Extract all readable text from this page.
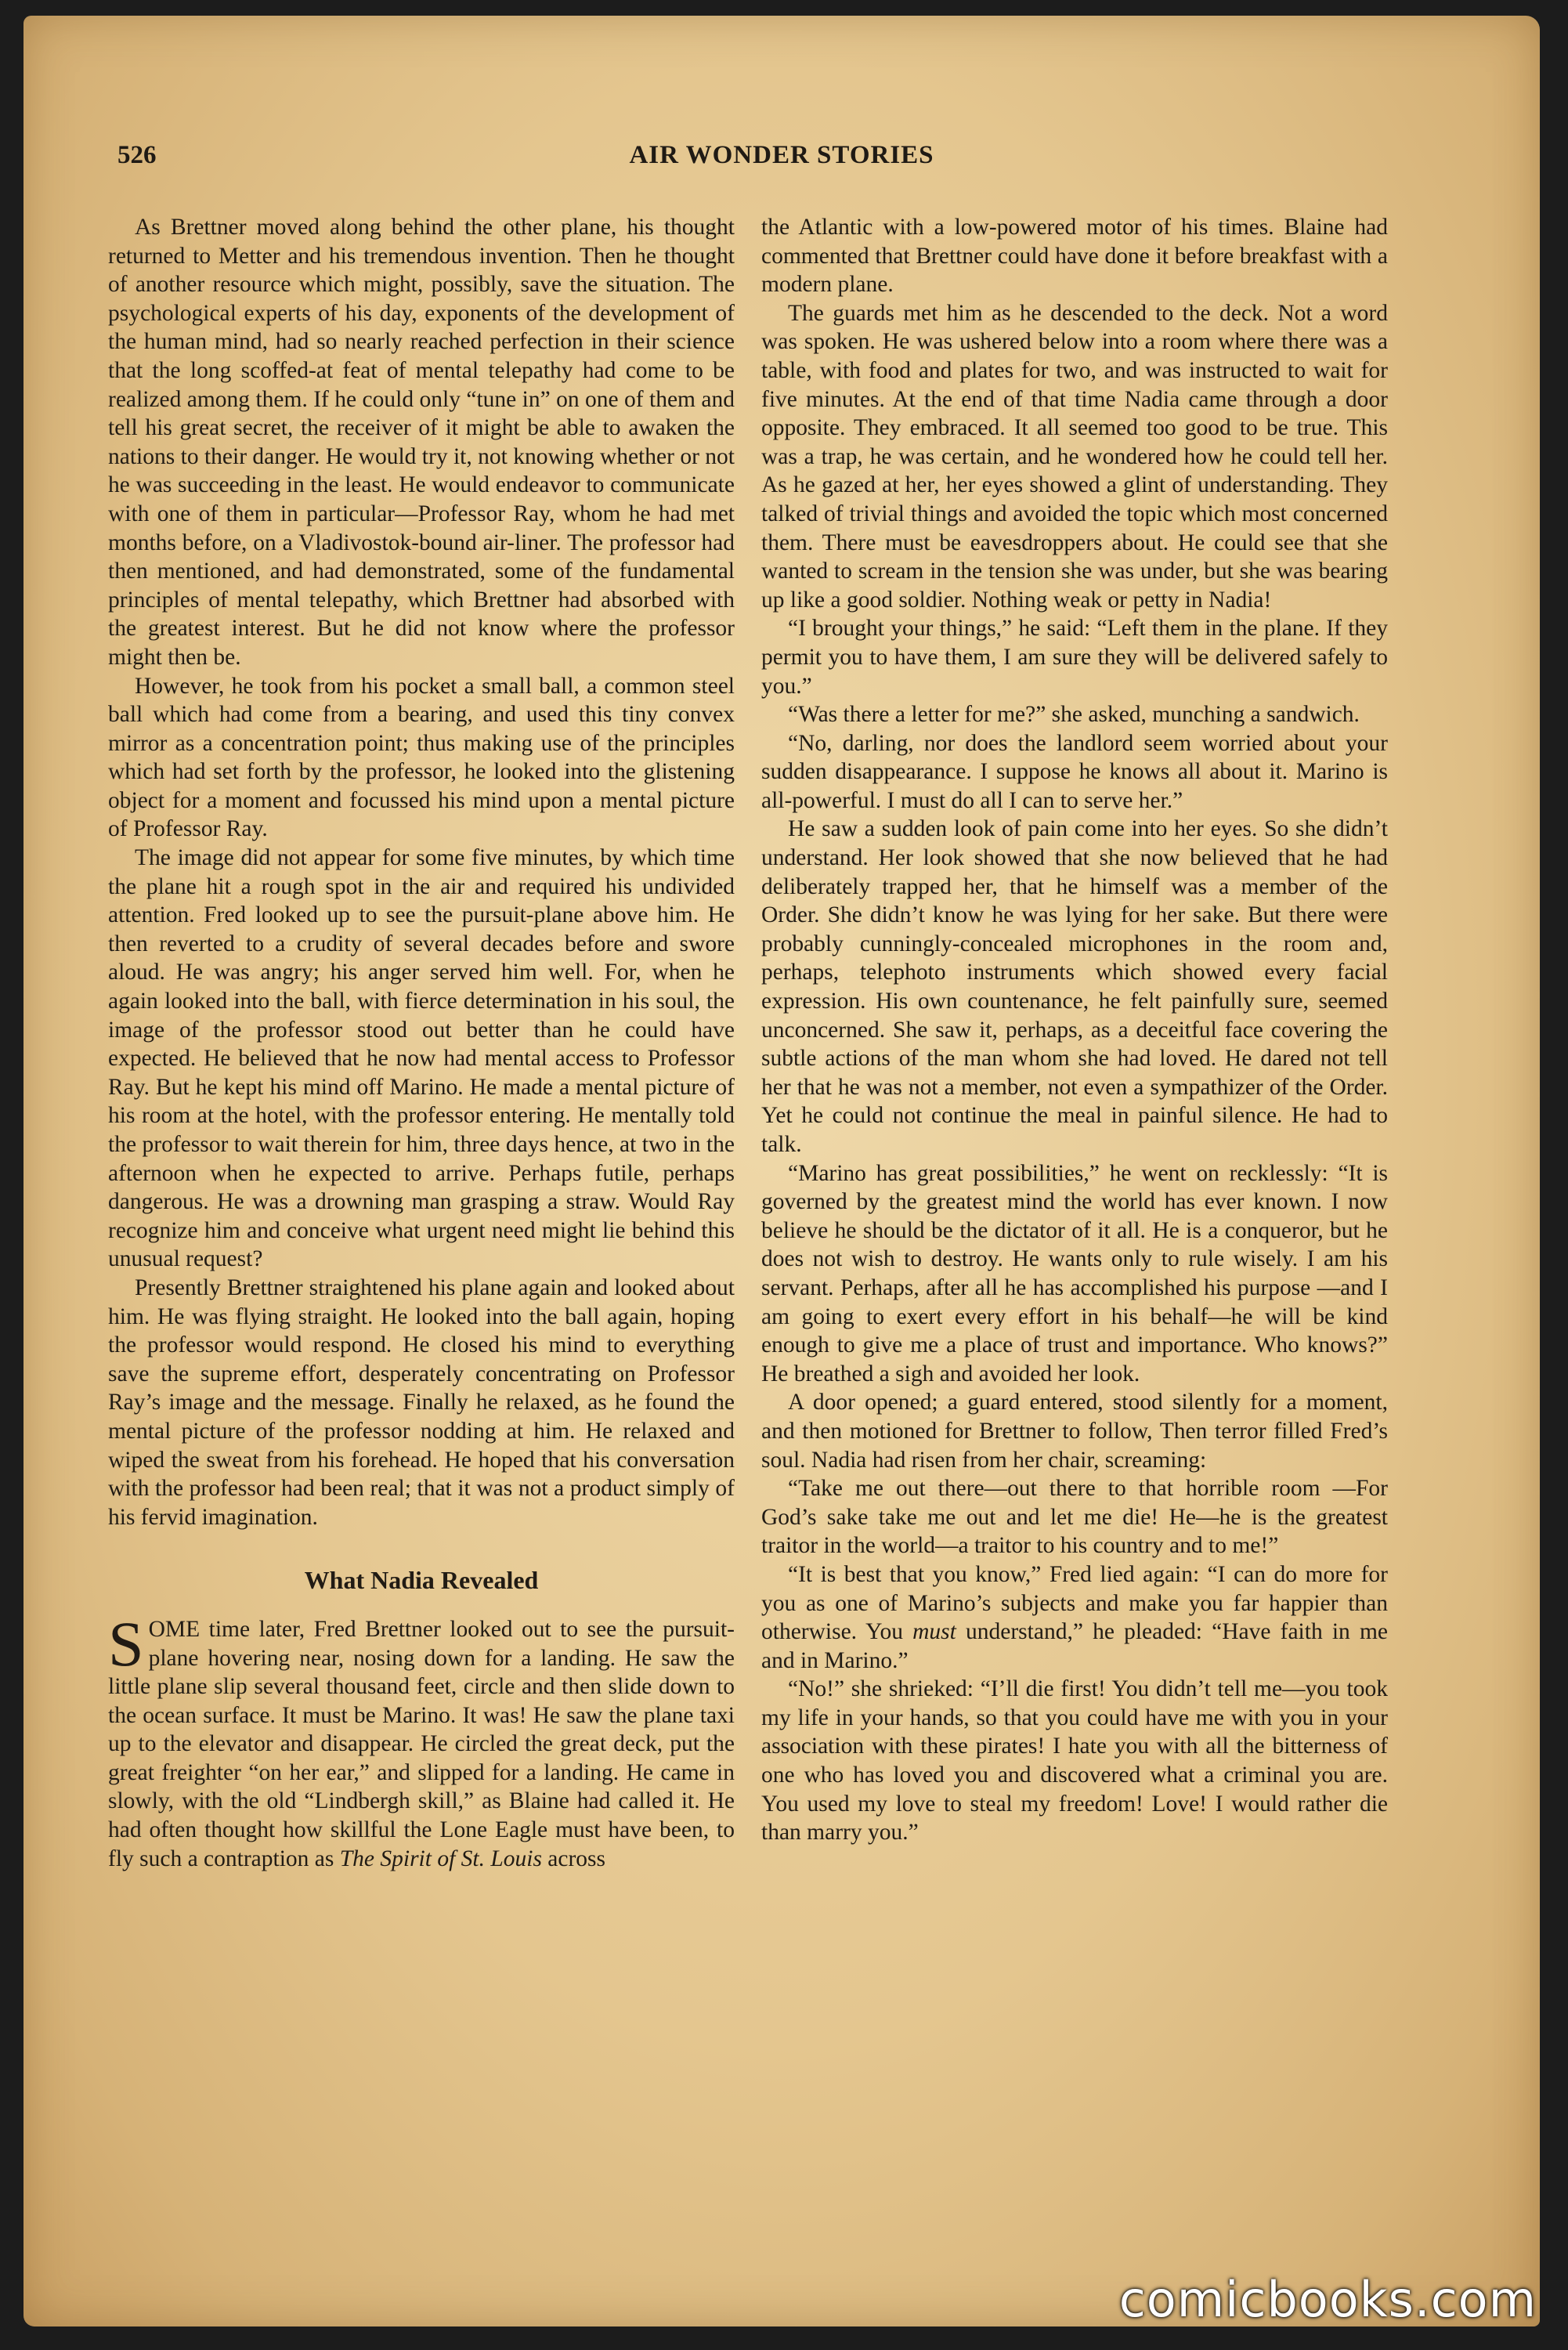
526	AIR WONDER STORIES

As Brettner moved along behind the other plane, his thought returned to Metter and his tremendous invention. Then he thought of another resource which might, possibly, save the situation. The psychological experts of his day, exponents of the development of the human mind, had so nearly reached perfection in their science that the long scoffed-at feat of mental telepathy had come to be realized among them. If he could only “tune in” on one of them and tell his great secret, the receiver of it might be able to awaken the nations to their danger. He would try it, not knowing whether or not he was succeeding in the least. He would endeavor to communicate with one of them in particular—Professor Ray, whom he had met months before, on a Vladivostok-bound air-liner. The professor had then mentioned, and had demonstrated, some of the fundamental principles of mental telepathy, which Brettner had absorbed with the greatest interest. But he did not know where the professor might then be.

However, he took from his pocket a small ball, a common steel ball which had come from a bearing, and used this tiny convex mirror as a concentration point; thus making use of the principles which had set forth by the professor, he looked into the glistening object for a moment and focussed his mind upon a mental picture of Professor Ray.

The image did not appear for some five minutes, by which time the plane hit a rough spot in the air and required his undivided attention. Fred looked up to see the pursuit-plane above him. He then reverted to a crudity of several decades before and swore aloud. He was angry; his anger served him well. For, when he again looked into the ball, with fierce determination in his soul, the image of the professor stood out better than he could have expected. He believed that he now had mental access to Professor Ray. But he kept his mind off Marino. He made a mental picture of his room at the hotel, with the professor entering. He mentally told the professor to wait therein for him, three days hence, at two in the afternoon when he expected to arrive. Perhaps futile, perhaps dangerous. He was a drowning man grasping a straw. Would Ray recognize him and conceive what urgent need might lie behind this unusual request?

Presently Brettner straightened his plane again and looked about him. He was flying straight. He looked into the ball again, hoping the professor would respond. He closed his mind to everything save the supreme effort, desperately concentrating on Professor Ray’s image and the message. Finally he relaxed, as he found the mental picture of the professor nodding at him. He relaxed and wiped the sweat from his forehead. He hoped that his conversation with the professor had been real; that it was not a product simply of his fervid imagination.

What Nadia Revealed

SOME time later, Fred Brettner looked out to see the pursuit-plane hovering near, nosing down for a landing. He saw the little plane slip several thousand feet, circle and then slide down to the ocean surface. It must be Marino. It was! He saw the plane taxi up to the elevator and disappear. He circled the great deck, put the great freighter “on her ear,” and slipped for a landing. He came in slowly, with the old “Lindbergh skill,” as Blaine had called it. He had often thought how skillful the Lone Eagle must have been, to fly such a contraption as The Spirit of St. Louis across

the Atlantic with a low-powered motor of his times. Blaine had commented that Brettner could have done it before breakfast with a modern plane.

The guards met him as he descended to the deck. Not a word was spoken. He was ushered below into a room where there was a table, with food and plates for two, and was instructed to wait for five minutes. At the end of that time Nadia came through a door opposite. They embraced. It all seemed too good to be true. This was a trap, he was certain, and he wondered how he could tell her. As he gazed at her, her eyes showed a glint of understanding. They talked of trivial things and avoided the topic which most concerned them. There must be eavesdroppers about. He could see that she wanted to scream in the tension she was under, but she was bearing up like a good soldier. Nothing weak or petty in Nadia!

“I brought your things,” he said: “Left them in the plane. If they permit you to have them, I am sure they will be delivered safely to you.”

“Was there a letter for me?” she asked, munching a sandwich.

“No, darling, nor does the landlord seem worried about your sudden disappearance. I suppose he knows all about it. Marino is all-powerful. I must do all I can to serve her.”

He saw a sudden look of pain come into her eyes. So she didn’t understand. Her look showed that she now believed that he had deliberately trapped her, that he himself was a member of the Order. She didn’t know he was lying for her sake. But there were probably cunningly-concealed microphones in the room and, perhaps, telephoto instruments which showed every facial expression. His own countenance, he felt painfully sure, seemed unconcerned. She saw it, perhaps, as a deceitful face covering the subtle actions of the man whom she had loved. He dared not tell her that he was not a member, not even a sympathizer of the Order. Yet he could not continue the meal in painful silence. He had to talk.

“Marino has great possibilities,” he went on recklessly: “It is governed by the greatest mind the world has ever known. I now believe he should be the dictator of it all. He is a conqueror, but he does not wish to destroy. He wants only to rule wisely. I am his servant. Perhaps, after all he has accomplished his purpose —and I am going to exert every effort in his behalf—he will be kind enough to give me a place of trust and importance. Who knows?” He breathed a sigh and avoided her look.

A door opened; a guard entered, stood silently for a moment, and then motioned for Brettner to follow, Then terror filled Fred’s soul. Nadia had risen from her chair, screaming:

“Take me out there—out there to that horrible room —For God’s sake take me out and let me die! He—he is the greatest traitor in the world—a traitor to his country and to me!”

“It is best that you know,” Fred lied again: “I can do more for you as one of Marino’s subjects and make you far happier than otherwise. You must understand,” he pleaded: “Have faith in me and in Marino.”

“No!” she shrieked: “I’ll die first! You didn’t tell me—you took my life in your hands, so that you could have me with you in your association with these pirates! I hate you with all the bitterness of one who has loved you and discovered what a criminal you are. You used my love to steal my freedom! Love! I would rather die than marry you.”

comicbooks.com
